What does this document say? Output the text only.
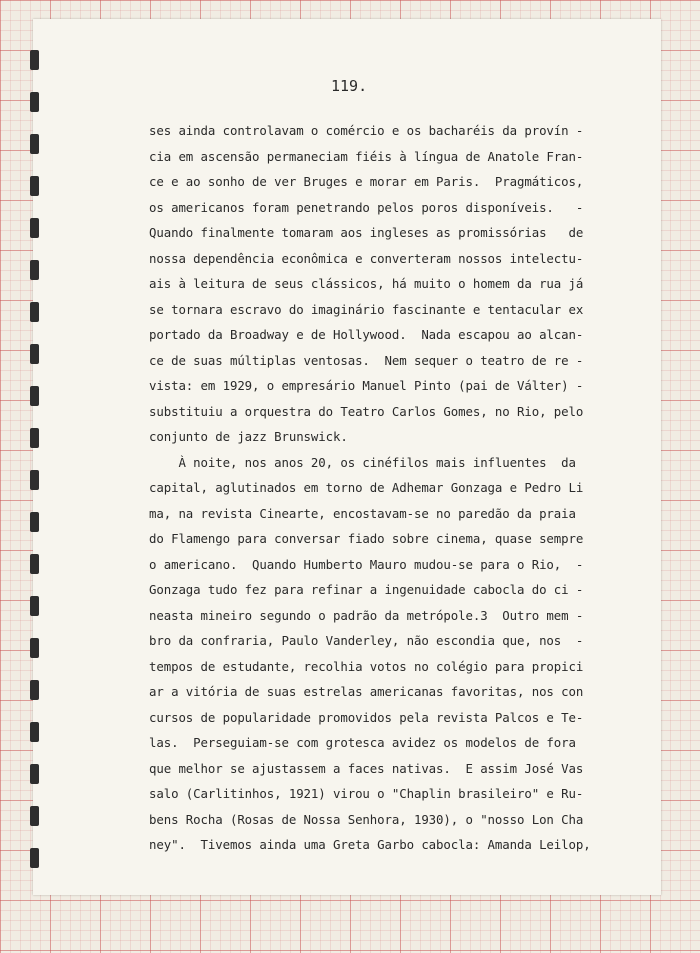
119.
ses ainda controlavam o comércio e os bacharéis da provín -
cia em ascensão permaneciam fiéis à língua de Anatole Fran-
ce e ao sonho de ver Bruges e morar em Paris.  Pragmáticos,
os americanos foram penetrando pelos poros disponíveis.   -
Quando finalmente tomaram aos ingleses as promissórias   de
nossa dependência econômica e converteram nossos intelectu-
ais à leitura de seus clássicos, há muito o homem da rua já
se tornara escravo do imaginário fascinante e tentacular ex
portado da Broadway e de Hollywood.  Nada escapou ao alcan-
ce de suas múltiplas ventosas.  Nem sequer o teatro de re -
vista: em 1929, o empresário Manuel Pinto (pai de Válter) -
substituiu a orquestra do Teatro Carlos Gomes, no Rio, pelo
conjunto de jazz Brunswick.
À noite, nos anos 20, os cinéfilos mais influentes  da
capital, aglutinados em torno de Adhemar Gonzaga e Pedro Li
ma, na revista Cinearte, encostavam-se no paredão da praia
do Flamengo para conversar fiado sobre cinema, quase sempre
o americano.  Quando Humberto Mauro mudou-se para o Rio,  -
Gonzaga tudo fez para refinar a ingenuidade cabocla do ci -
neasta mineiro segundo o padrão da metrópole.3  Outro mem -
bro da confraria, Paulo Vanderley, não escondia que, nos  -
tempos de estudante, recolhia votos no colégio para propici
ar a vitória de suas estrelas americanas favoritas, nos con
cursos de popularidade promovidos pela revista Palcos e Te-
las.  Perseguiam-se com grotesca avidez os modelos de fora
que melhor se ajustassem a faces nativas.  E assim José Vas
salo (Carlitinhos, 1921) virou o "Chaplin brasileiro" e Ru-
bens Rocha (Rosas de Nossa Senhora, 1930), o "nosso Lon Cha
ney".  Tivemos ainda uma Greta Garbo cabocla: Amanda Leilop,
